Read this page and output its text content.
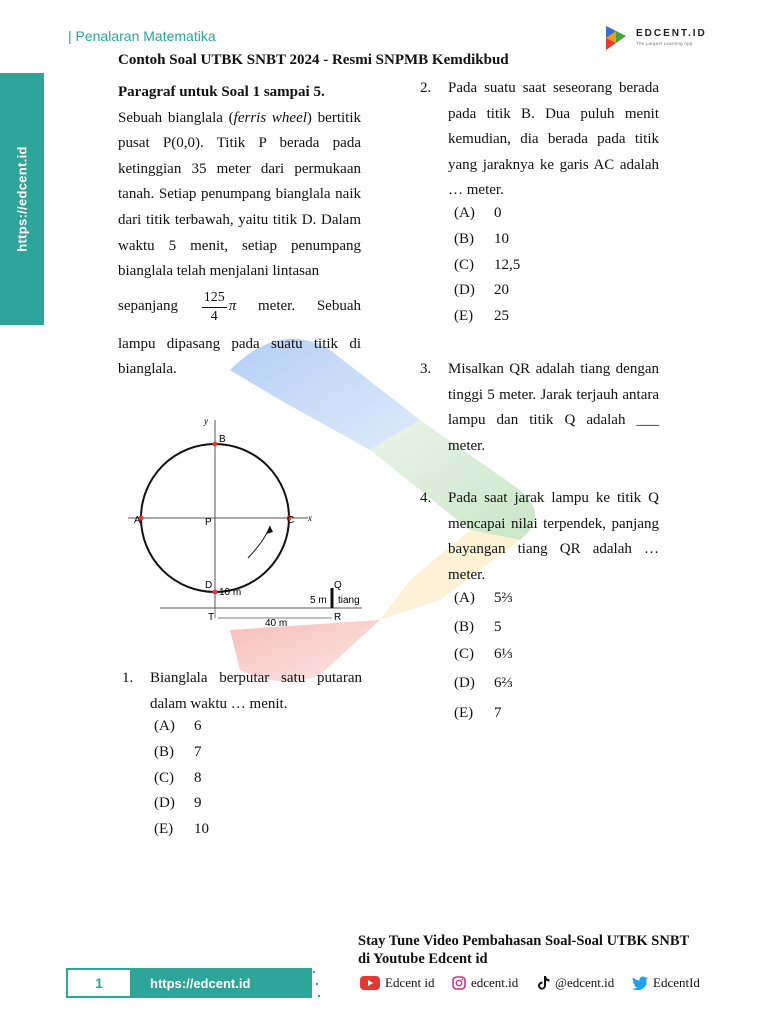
https://edcent.id
| Penalaran Matematika	EDCENT.ID
The Largest Learning App
Contoh Soal UTBK SNBT 2024 - Resmi SNPMB Kemdikbud
Paragraf untuk Soal 1 sampai 5.
Sebuah bianglala (ferris wheel) bertitik pusat P(0,0). Titik P berada pada ketinggian 35 meter dari permukaan tanah. Setiap penumpang bianglala naik dari titik terbawah, yaitu titik D. Dalam waktu 5 menit, setiap penumpang bianglala telah menjalani lintasan
sepanjang $\frac{125}{4}$ π meter. Sebuah
lampu dipasang pada suatu titik di bianglala.
y
B
A	P	C x
D
10 m
Q
5 m tiang
T	R
40 m
1. Bianglala berputar satu putaran dalam waktu … menit.
(A) 6
(B) 7
(C) 8
(D) 9
(E) 10
2. Pada suatu saat seseorang berada pada titik B. Dua puluh menit kemudian, dia berada pada titik yang jaraknya ke garis AC adalah … meter.
(A) 0
(B) 10
(C) 12,5
(D) 20
(E) 25
3. Misalkan QR adalah tiang dengan tinggi 5 meter. Jarak terjauh antara lampu dan titik Q adalah ___ meter.
4. Pada saat jarak lampu ke titik Q mencapai nilai terpendek, panjang bayangan tiang QR adalah … meter.
(A) 5⅔
(B) 5
(C) 6⅓
(D) 6⅔
(E) 7
Stay Tune Video Pembahasan Soal-Soal UTBK SNBT
di Youtube Edcent id
Edcent id	edcent.id	@edcent.id	EdcentId
1	https://edcent.id
